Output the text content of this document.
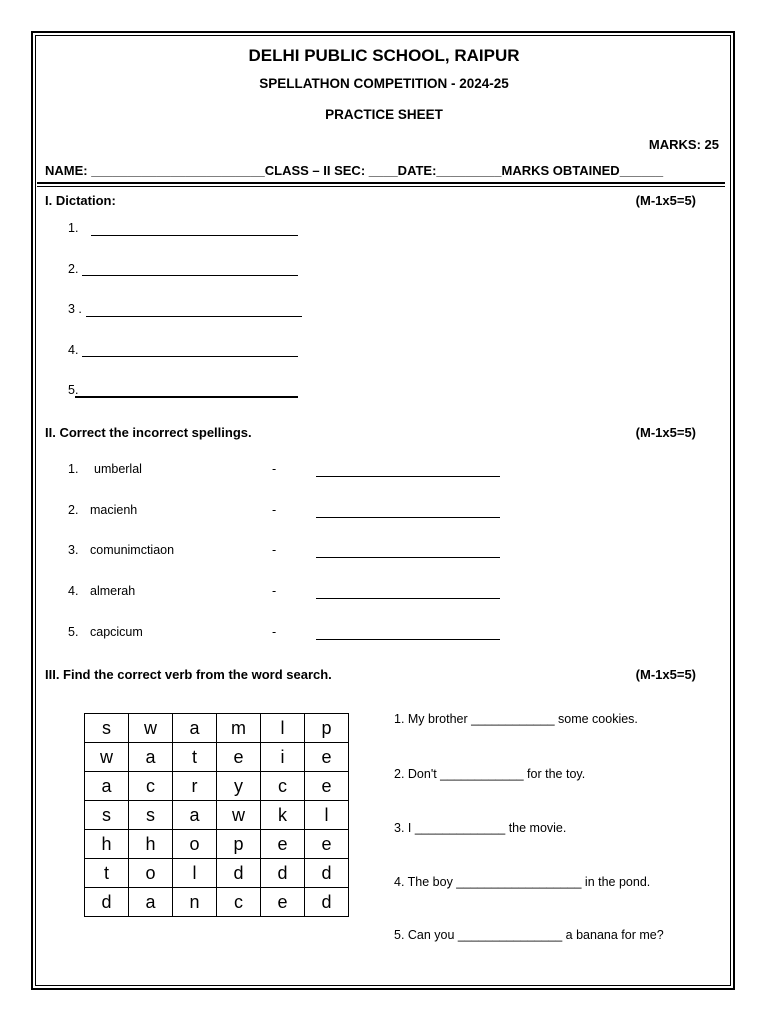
DELHI PUBLIC SCHOOL, RAIPUR
SPELLATHON COMPETITION - 2024-25
PRACTICE SHEET
MARKS: 25
NAME: ________________________CLASS – II SEC: ____DATE:_________MARKS OBTAINED______
I. Dictation:	(M-1x5=5)
1.
2.
3 .
4.
5.
II. Correct the incorrect spellings.	(M-1x5=5)
1. umberlal	-
2. macienh	-
3. comunimctiaon	-
4. almerah	-
5. capcicum	-
III. Find the correct verb from the word search.	(M-1x5=5)
s	w	a	m	l	p
w	a	t	e	i	e
a	c	r	y	c	e
s	s	a	w	k	l
h	h	o	p	e	e
t	o	l	d	d	d
d	a	n	c	e	d
1. My brother ____________ some cookies.
2. Don't ____________ for the toy.
3. I _____________ the movie.
4. The boy __________________ in the pond.
5. Can you _______________ a banana for me?
